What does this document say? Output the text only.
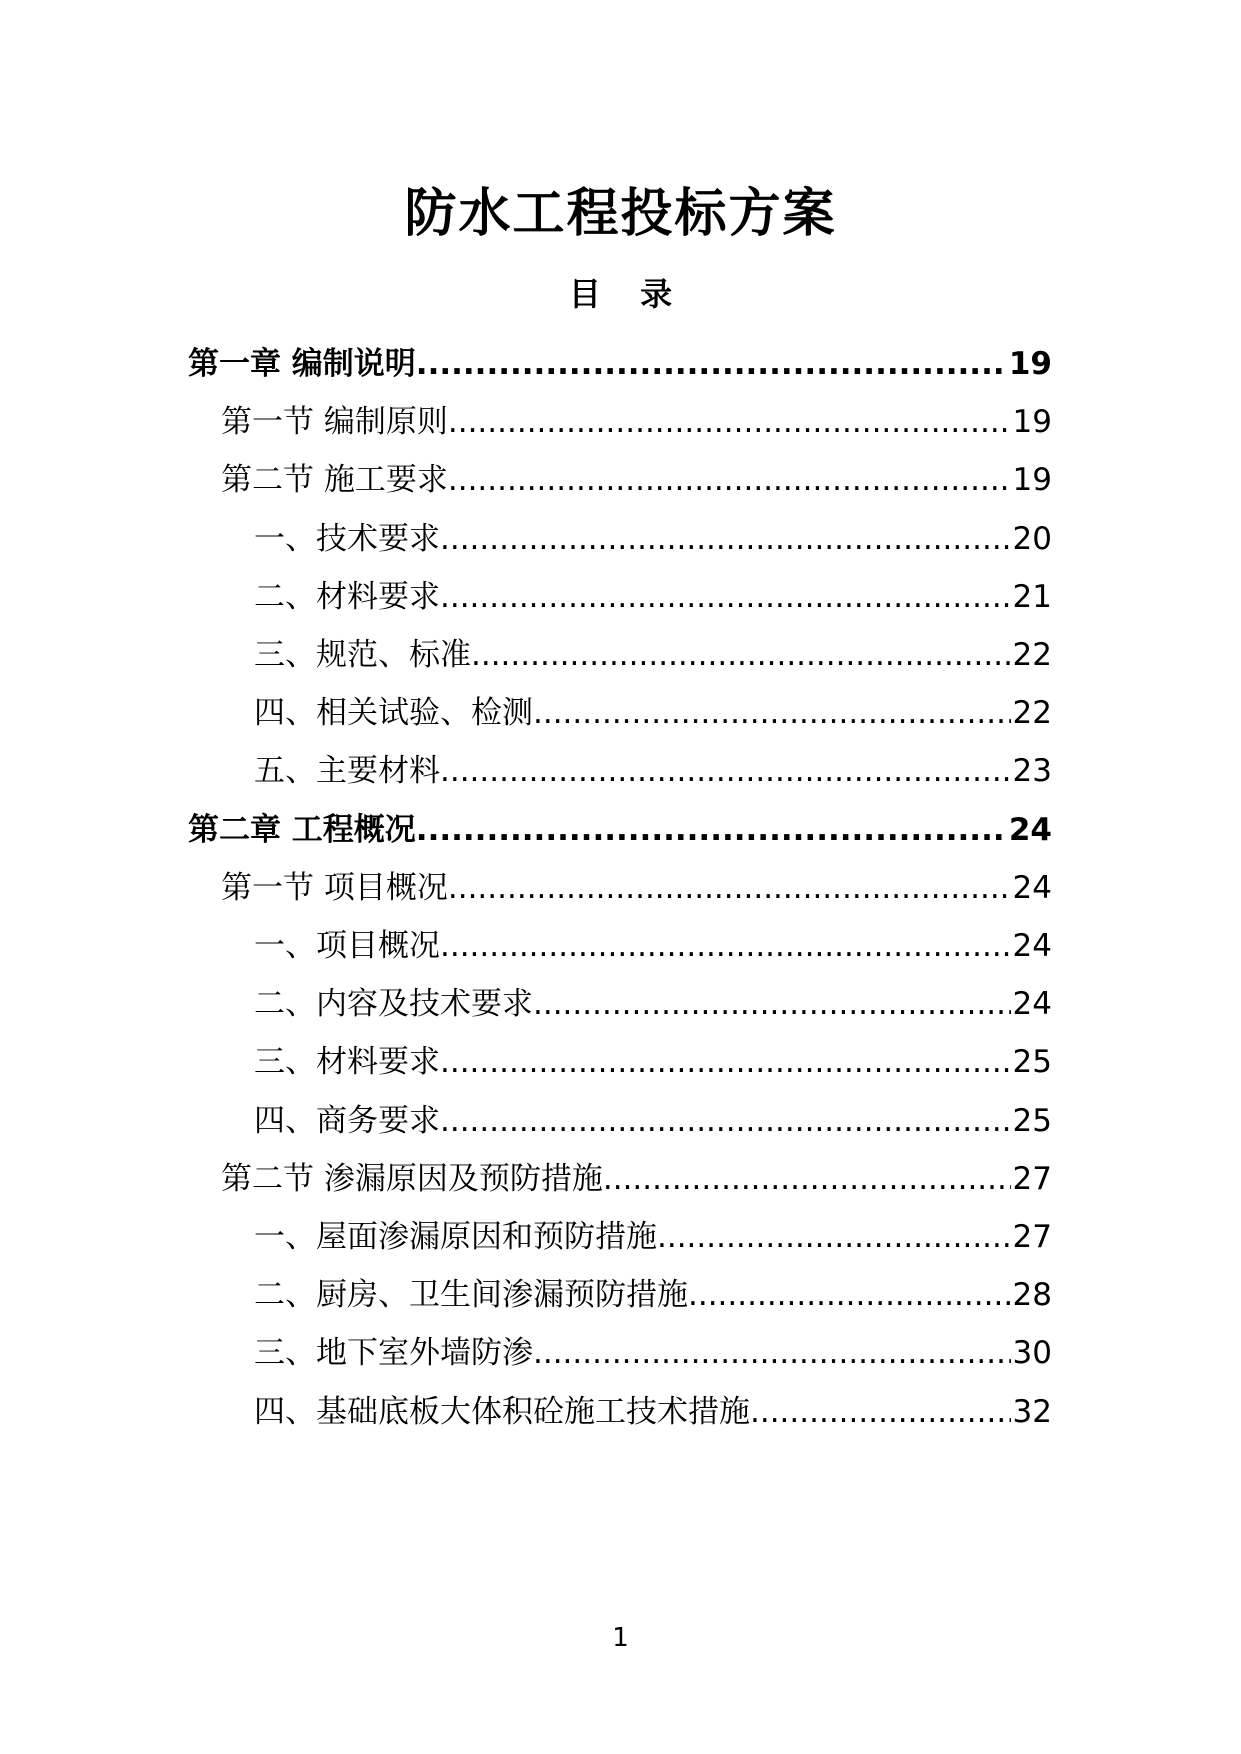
防水工程投标方案
目 录
第一章 编制说明 .....	19
第一节 编制原则 .....	19
第二节 施工要求 .....	19
一、技术要求 .....	20
二、材料要求 .....	21
三、规范、标准 .....	22
四、相关试验、检测 .....	22
五、主要材料 .....	23
第二章 工程概况 .....	24
第一节 项目概况 .....	24
一、项目概况 .....	24
二、内容及技术要求 .....	24
三、材料要求 .....	25
四、商务要求 .....	25
第二节 渗漏原因及预防措施 .....	27
一、屋面渗漏原因和预防措施 .....	27
二、厨房、卫生间渗漏预防措施 .....	28
三、地下室外墙防渗 .....	30
四、基础底板大体积砼施工技术措施 .....	32
1
